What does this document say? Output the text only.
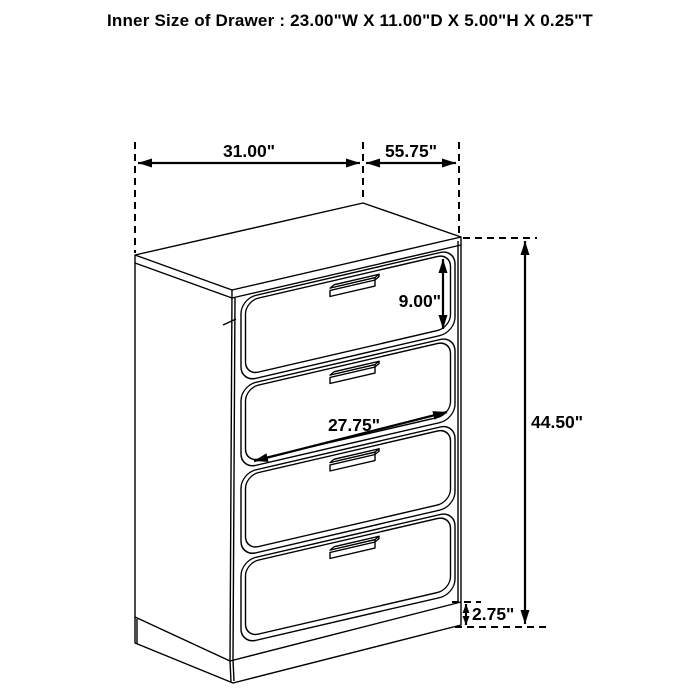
Inner Size of Drawer : 23.00"W X 11.00"D X 5.00"H X 0.25"T
31.00"	55.75"
9.00"
27.75"	44.50"
2.75"
